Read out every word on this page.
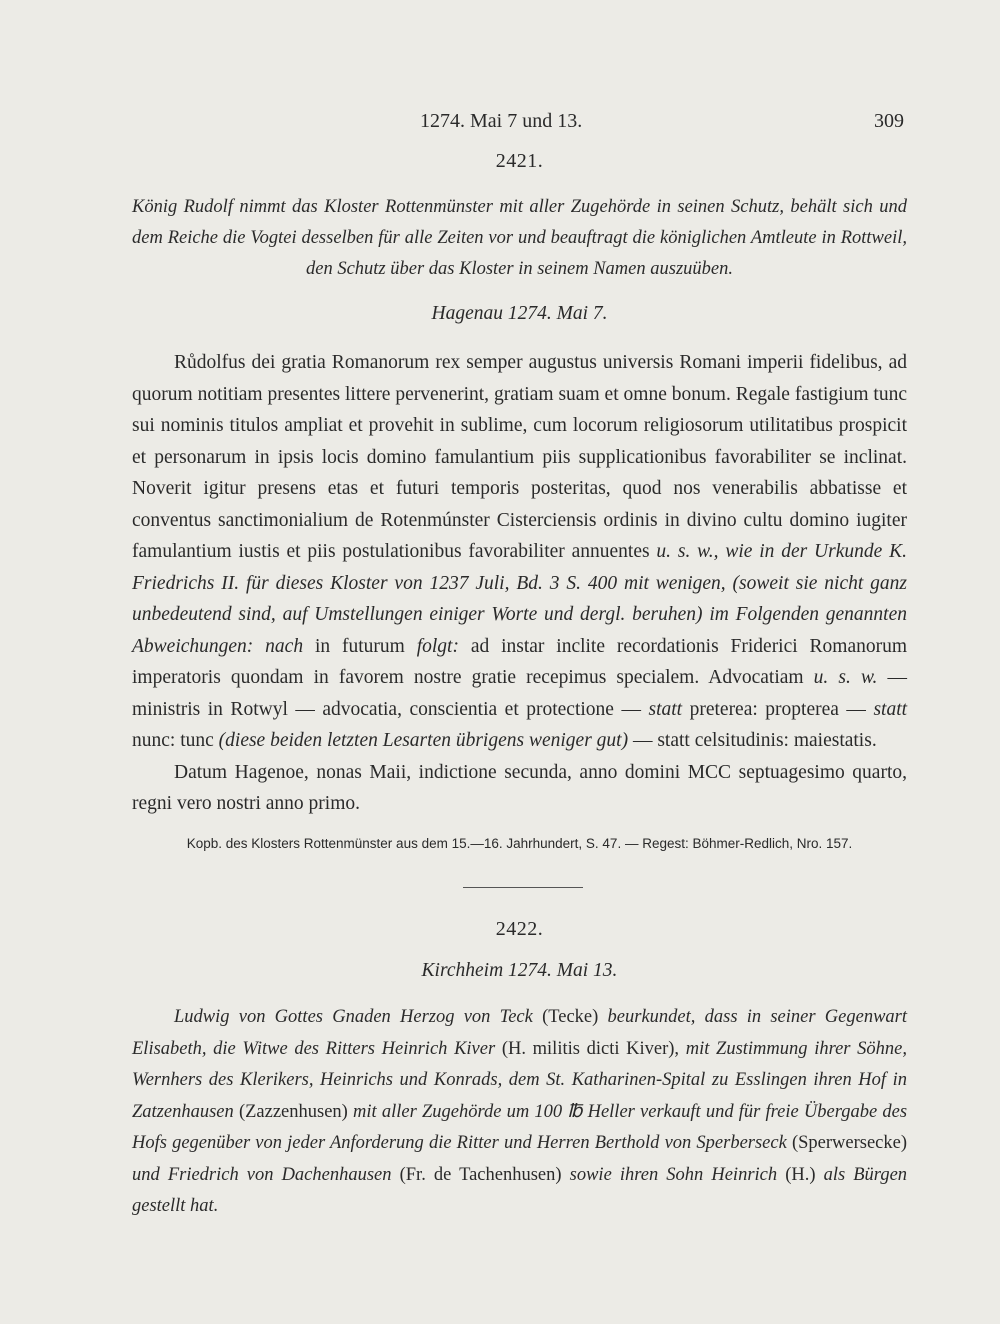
1274. Mai 7 und 13.	309
2421.
König Rudolf nimmt das Kloster Rottenmünster mit aller Zugehörde in seinen Schutz, behält sich und dem Reiche die Vogtei desselben für alle Zeiten vor und beauftragt die königlichen Amtleute in Rottweil, den Schutz über das Kloster in seinem Namen auszuüben.
Hagenau 1274. Mai 7.

Růdolfus dei gratia Romanorum rex semper augustus universis Romani imperii fidelibus, ad quorum notitiam presentes littere pervenerint, gratiam suam et omne bonum. Regale fastigium tunc sui nominis titulos ampliat et provehit in sublime, cum locorum religiosorum utilitatibus prospicit et personarum in ipsis locis domino famulantium piis supplicationibus favorabiliter se inclinat. Noverit igitur presens etas et futuri temporis posteritas, quod nos venerabilis abbatisse et conventus sanctimonialium de Rotenmúnster Cisterciensis ordinis in divino cultu domino iugiter famulantium iustis et piis postulationibus favorabiliter annuentes u. s. w., wie in der Urkunde K. Friedrichs II. für dieses Kloster von 1237 Juli, Bd. 3 S. 400 mit wenigen, (soweit sie nicht ganz unbedeutend sind, auf Umstellungen einiger Worte und dergl. beruhen) im Folgenden genannten Abweichungen: nach in futurum folgt: ad instar inclite recordationis Friderici Romanorum imperatoris quondam in favorem nostre gratie recepimus specialem. Advocatiam u. s. w. — ministris in Rotwyl — advocatia, conscientia et protectione — statt preterea: propterea — statt nunc: tunc (diese beiden letzten Lesarten übrigens weniger gut) — statt celsitudinis: maiestatis.

Datum Hagenoe, nonas Maii, indictione secunda, anno domini MCC septuagesimo quarto, regni vero nostri anno primo.

Kopb. des Klosters Rottenmünster aus dem 15.—16. Jahrhundert, S. 47. — Regest: Böhmer-Redlich, Nro. 157.
2422.
Kirchheim 1274. Mai 13.
Ludwig von Gottes Gnaden Herzog von Teck (Tecke) beurkundet, dass in seiner Gegenwart Elisabeth, die Witwe des Ritters Heinrich Kiver (H. militis dicti Kiver), mit Zustimmung ihrer Söhne, Wernhers des Klerikers, Heinrichs und Konrads, dem St. Katharinen-Spital zu Esslingen ihren Hof in Zatzenhausen (Zazzenhusen) mit aller Zugehörde um 100 ℔ Heller verkauft und für freie Übergabe des Hofs gegenüber von jeder Anforderung die Ritter und Herren Berthold von Sperberseck (Sperwersecke) und Friedrich von Dachenhausen (Fr. de Tachenhusen) sowie ihren Sohn Heinrich (H.) als Bürgen gestellt hat.
